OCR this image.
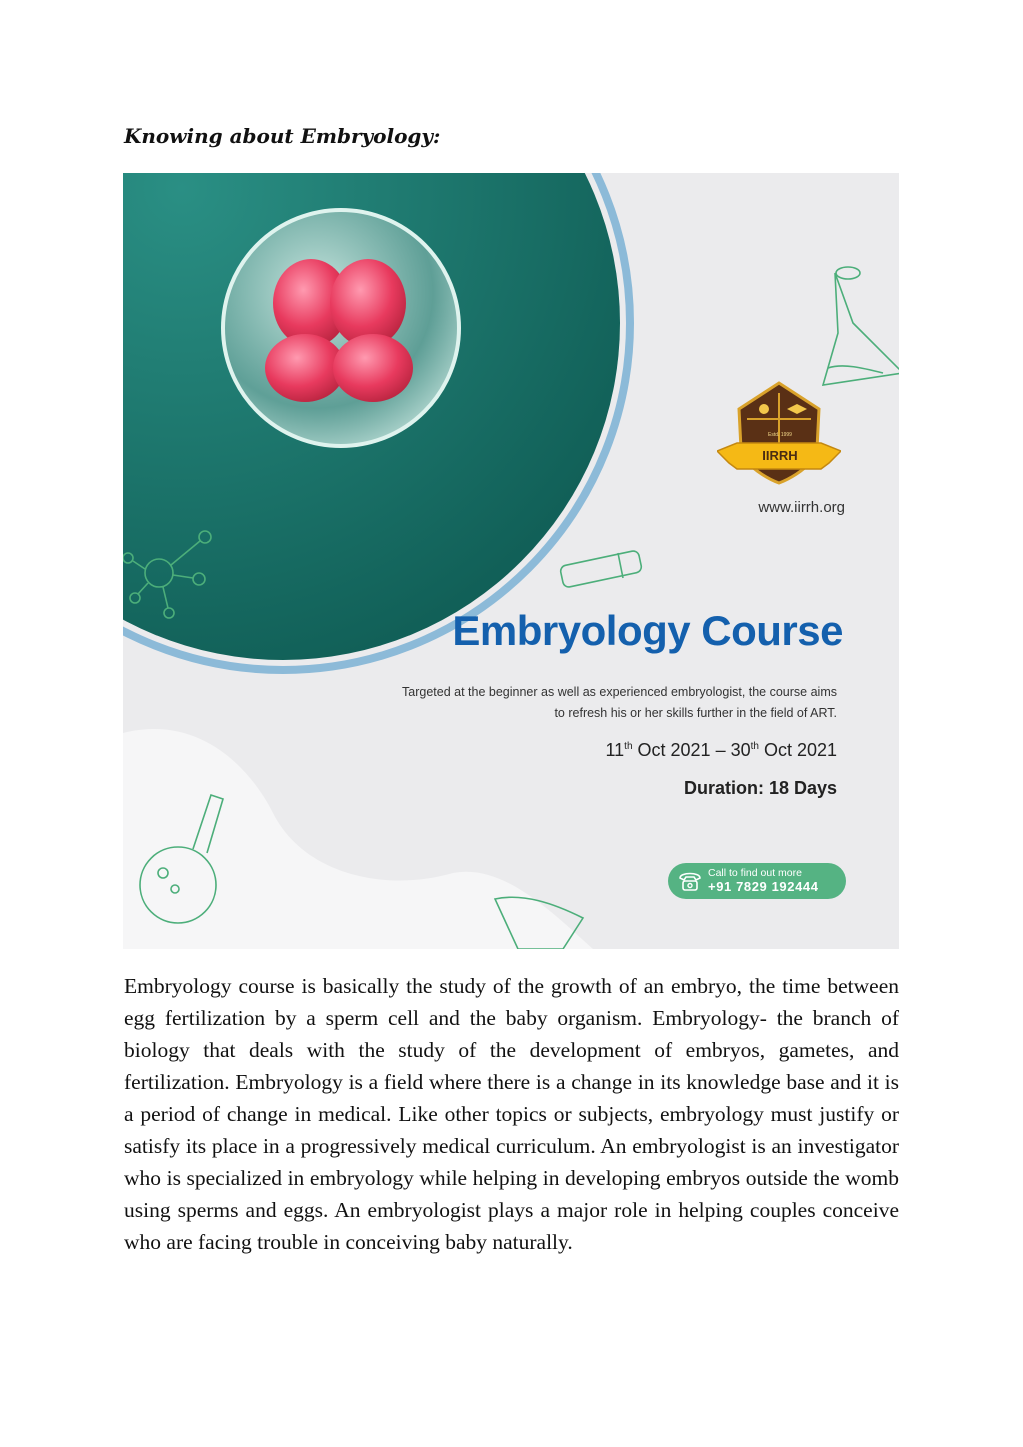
Knowing about Embryology:
Estd. 1999
IIRRH
www.iirrh.org
Embryology Course
Targeted at the beginner as well as experienced embryologist, the course aims
to refresh his or her skills further in the field of ART.
11th Oct 2021 – 30th Oct 2021
Duration: 18 Days
Call to find out more
+91 7829 192444
Embryology course is basically the study of the growth of an embryo, the time between egg fertilization by a sperm cell and the baby organism. Embryology- the branch of biology that deals with the study of the development of embryos, gametes, and fertilization. Embryology is a field where there is a change in its knowledge base and it is a period of change in medical. Like other topics or subjects, embryology must justify or satisfy its place in a progressively medical curriculum. An embryologist is an investigator who is specialized in embryology while helping in developing embryos outside the womb using sperms and eggs. An embryologist plays a major role in helping couples conceive who are facing trouble in conceiving baby naturally.
